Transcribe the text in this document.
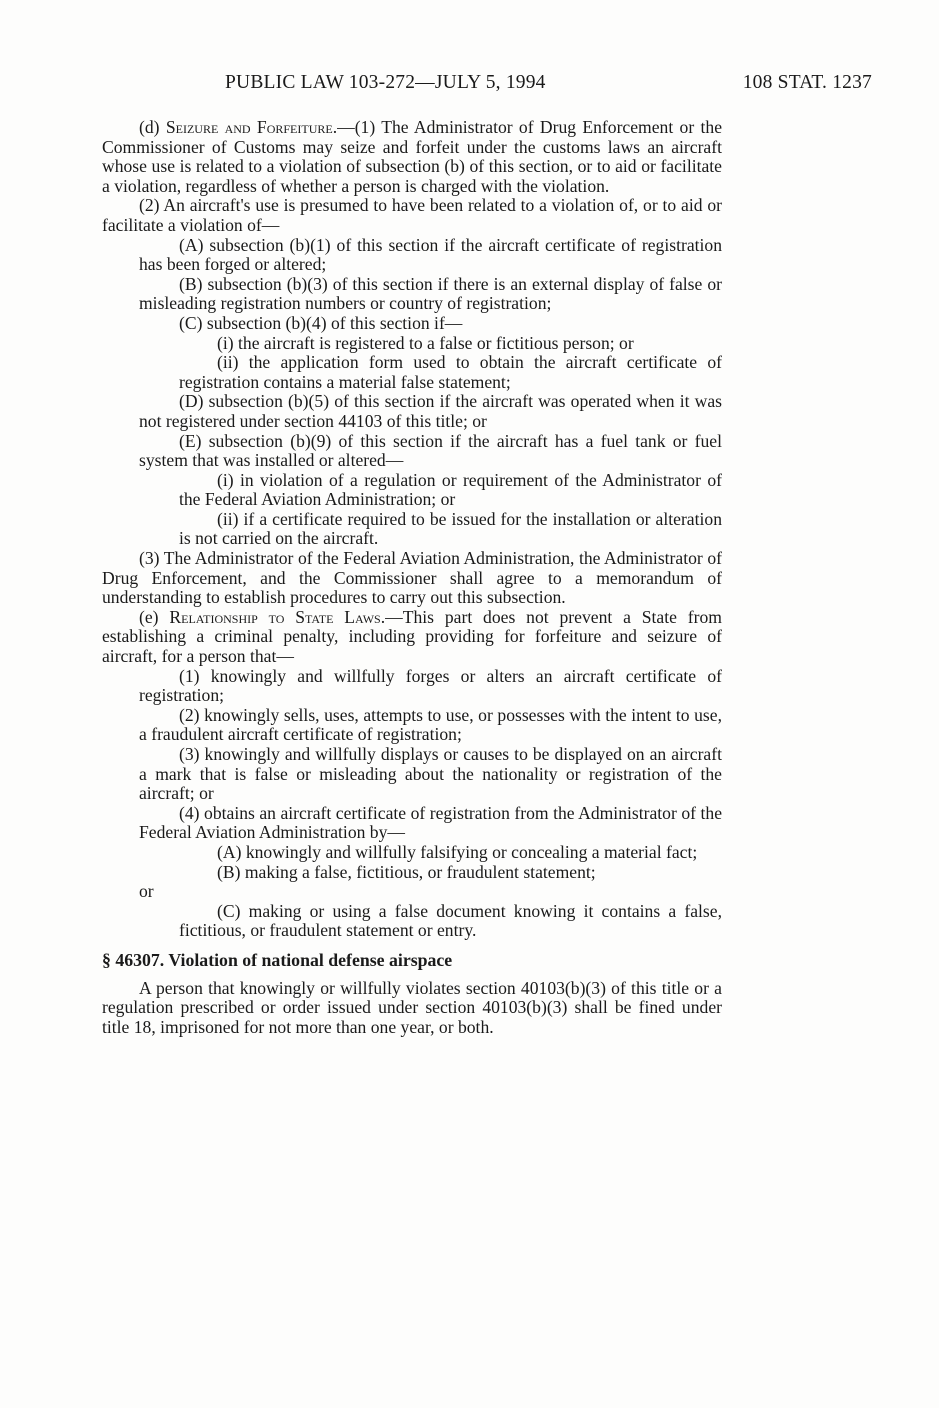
PUBLIC LAW 103-272—JULY 5, 1994	108 STAT. 1237

(d) Seizure and Forfeiture.—(1) The Administrator of Drug Enforcement or the Commissioner of Customs may seize and forfeit under the customs laws an aircraft whose use is related to a violation of subsection (b) of this section, or to aid or facilitate a violation, regardless of whether a person is charged with the violation.

(2) An aircraft's use is presumed to have been related to a violation of, or to aid or facilitate a violation of—

(A) subsection (b)(1) of this section if the aircraft certificate of registration has been forged or altered;

(B) subsection (b)(3) of this section if there is an external display of false or misleading registration numbers or country of registration;

(C) subsection (b)(4) of this section if—

(i) the aircraft is registered to a false or fictitious person; or

(ii) the application form used to obtain the aircraft certificate of registration contains a material false statement;

(D) subsection (b)(5) of this section if the aircraft was operated when it was not registered under section 44103 of this title; or

(E) subsection (b)(9) of this section if the aircraft has a fuel tank or fuel system that was installed or altered—

(i) in violation of a regulation or requirement of the Administrator of the Federal Aviation Administration; or

(ii) if a certificate required to be issued for the installation or alteration is not carried on the aircraft.

(3) The Administrator of the Federal Aviation Administration, the Administrator of Drug Enforcement, and the Commissioner shall agree to a memorandum of understanding to establish procedures to carry out this subsection.

(e) Relationship to State Laws.—This part does not prevent a State from establishing a criminal penalty, including providing for forfeiture and seizure of aircraft, for a person that—

(1) knowingly and willfully forges or alters an aircraft certificate of registration;

(2) knowingly sells, uses, attempts to use, or possesses with the intent to use, a fraudulent aircraft certificate of registration;

(3) knowingly and willfully displays or causes to be displayed on an aircraft a mark that is false or misleading about the nationality or registration of the aircraft; or

(4) obtains an aircraft certificate of registration from the Administrator of the Federal Aviation Administration by—

(A) knowingly and willfully falsifying or concealing a material fact;

(B) making a false, fictitious, or fraudulent statement;

or

(C) making or using a false document knowing it contains a false, fictitious, or fraudulent statement or entry.

§ 46307. Violation of national defense airspace

A person that knowingly or willfully violates section 40103(b)(3) of this title or a regulation prescribed or order issued under section 40103(b)(3) shall be fined under title 18, imprisoned for not more than one year, or both.
